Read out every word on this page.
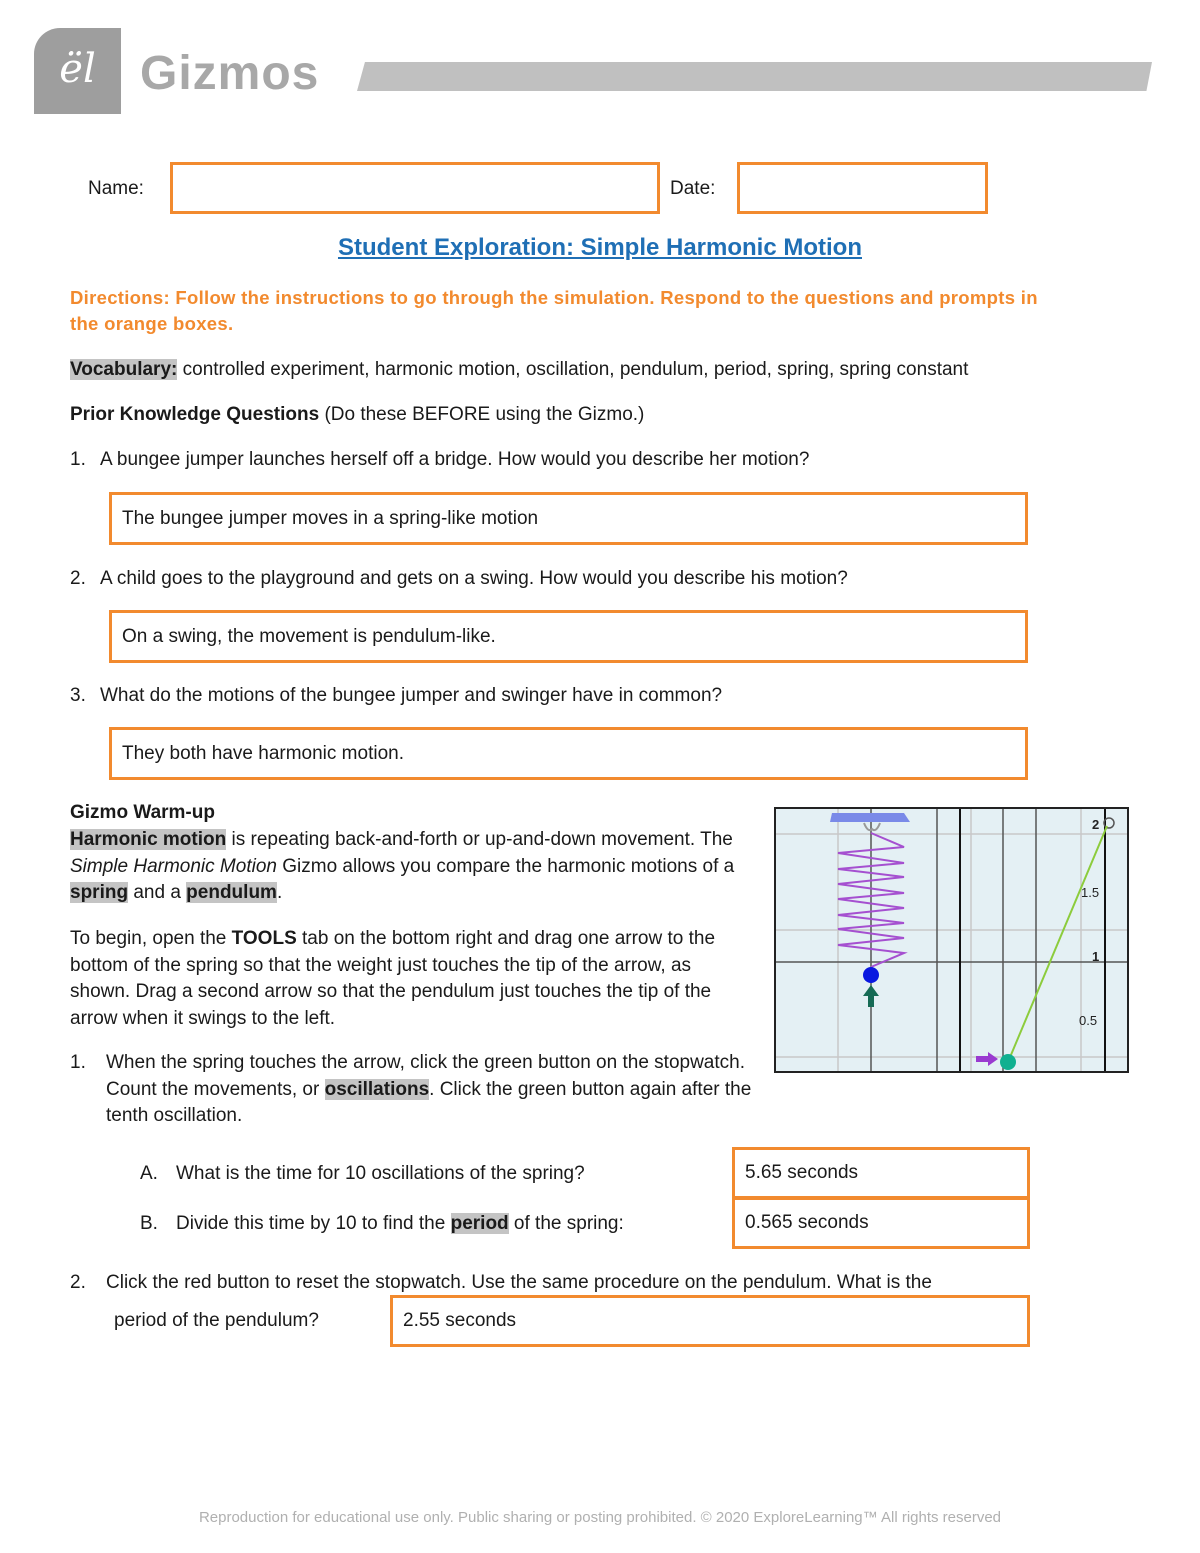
ël Gizmos
Name:	Date:
Student Exploration: Simple Harmonic Motion
Directions: Follow the instructions to go through the simulation. Respond to the questions and prompts in the orange boxes.
Vocabulary: controlled experiment, harmonic motion, oscillation, pendulum, period, spring, spring constant
Prior Knowledge Questions (Do these BEFORE using the Gizmo.)
1. A bungee jumper launches herself off a bridge. How would you describe her motion?
The bungee jumper moves in a spring-like motion
2. A child goes to the playground and gets on a swing. How would you describe his motion?
On a swing, the movement is pendulum-like.
3. What do the motions of the bungee jumper and swinger have in common?
They both have harmonic motion.
Gizmo Warm-up
Harmonic motion is repeating back-and-forth or up-and-down movement. The Simple Harmonic Motion Gizmo allows you compare the harmonic motions of a spring and a pendulum.
To begin, open the TOOLS tab on the bottom right and drag one arrow to the bottom of the spring so that the weight just touches the tip of the arrow, as shown. Drag a second arrow so that the pendulum just touches the tip of the arrow when it swings to the left.
2
1.5
1
0.5
1.	When the spring touches the arrow, click the green button on the stopwatch. Count the movements, or oscillations. Click the green button again after the tenth oscillation.
A. What is the time for 10 oscillations of the spring?	5.65 seconds
B. Divide this time by 10 to find the period of the spring:	0.565 seconds
2. Click the red button to reset the stopwatch. Use the same procedure on the pendulum. What is the
period of the pendulum?	2.55 seconds
Reproduction for educational use only. Public sharing or posting prohibited. © 2020 ExploreLearning™ All rights reserved
